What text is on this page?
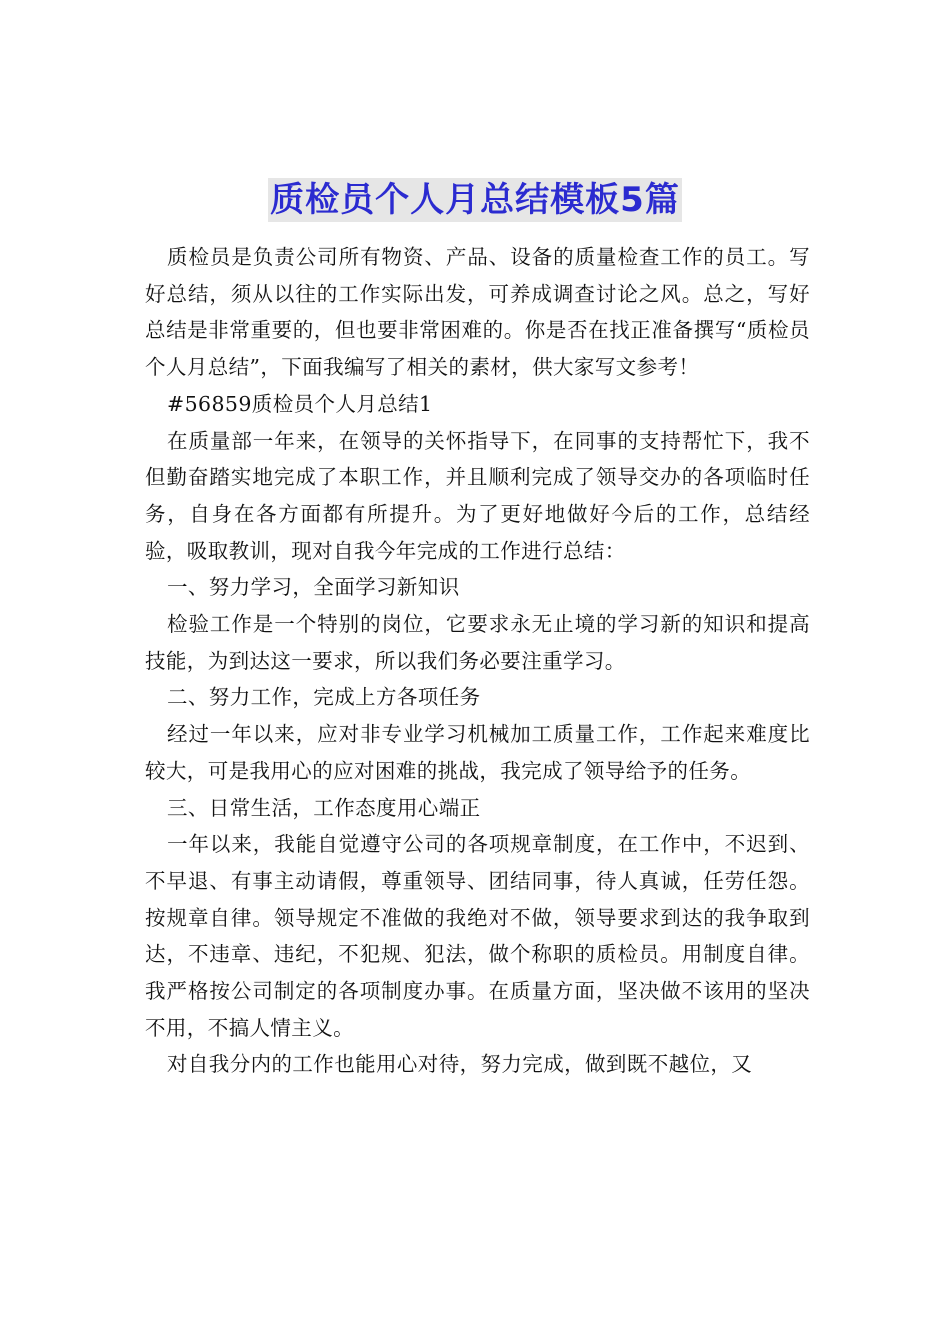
质检员个人月总结模板5篇

质检员是负责公司所有物资、产品、设备的质量检查工作的员工。写好总结，须从以往的工作实际出发，可养成调查讨论之风。总之，写好总结是非常重要的，但也要非常困难的。你是否在找正准备撰写“质检员个人月总结”，下面我编写了相关的素材，供大家写文参考！

#56859质检员个人月总结1

在质量部一年来，在领导的关怀指导下，在同事的支持帮忙下，我不但勤奋踏实地完成了本职工作，并且顺利完成了领导交办的各项临时任务，自身在各方面都有所提升。为了更好地做好今后的工作，总结经验，吸取教训，现对自我今年完成的工作进行总结：

一、努力学习，全面学习新知识

检验工作是一个特别的岗位，它要求永无止境的学习新的知识和提高技能，为到达这一要求，所以我们务必要注重学习。

二、努力工作，完成上方各项任务

经过一年以来，应对非专业学习机械加工质量工作，工作起来难度比较大，可是我用心的应对困难的挑战，我完成了领导给予的任务。

三、日常生活，工作态度用心端正

一年以来，我能自觉遵守公司的各项规章制度，在工作中，不迟到、不早退、有事主动请假，尊重领导、团结同事，待人真诚，任劳任怨。按规章自律。领导规定不准做的我绝对不做，领导要求到达的我争取到达，不违章、违纪，不犯规、犯法，做个称职的质检员。用制度自律。我严格按公司制定的各项制度办事。在质量方面，坚决做不该用的坚决不用，不搞人情主义。

对自我分内的工作也能用心对待，努力完成，做到既不越位，又
